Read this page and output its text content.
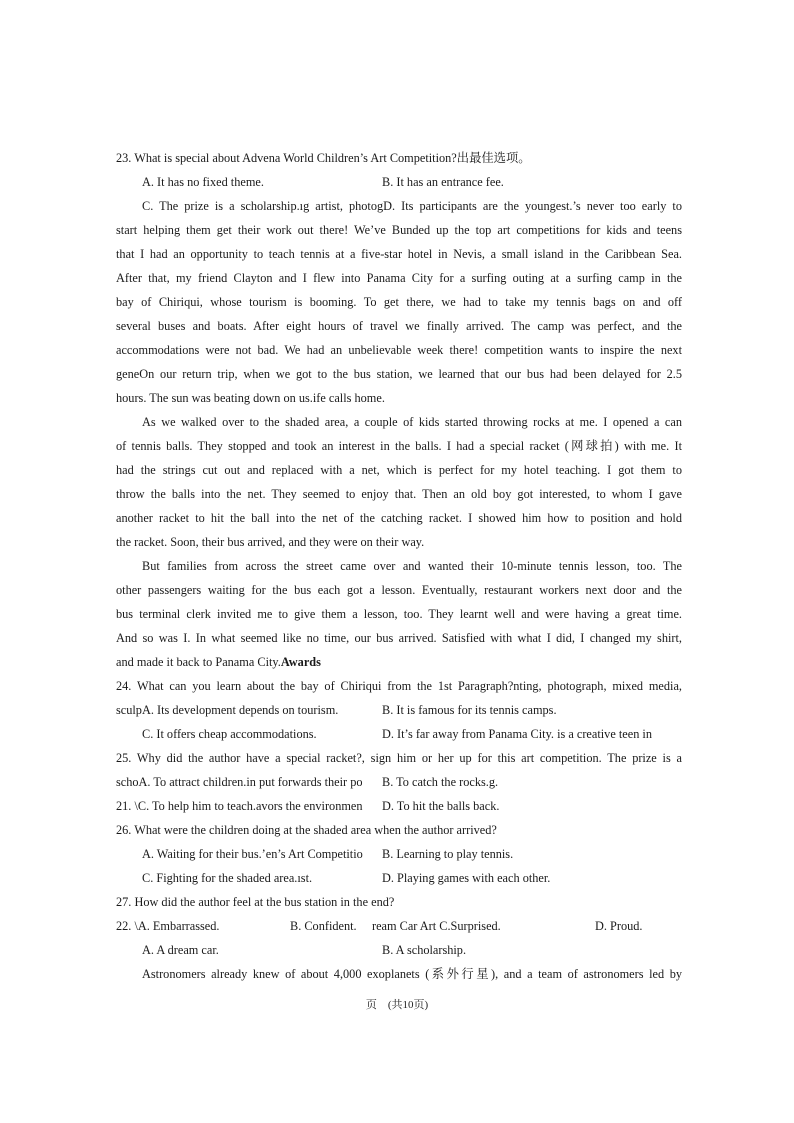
23. What is special about Advena World Children’s Art Competition?出最佳选项。
A. It has no fixed theme.	B. It has an entrance fee.
C. The prize is a scholarship.ıg artist, photogD. Its participants are the youngest.’s never too early to
start helping them get their work out there! We’ve Bunded up the top art competitions for kids and teens
that I had an opportunity to teach tennis at a five-star hotel in Nevis, a small island in the Caribbean Sea.
After that, my friend Clayton and I flew into Panama City for a surfing outing at a surfing camp in the
bay of Chiriqui, whose tourism is booming. To get there, we had to take my tennis bags on and off
several buses and boats. After eight hours of travel we finally arrived. The camp was perfect, and the
accommodations were not bad. We had an unbelievable week there! competition wants to inspire the next
geneOn our return trip, when we got to the bus station, we learned that our bus had been delayed for 2.5
hours. The sun was beating down on us.ife calls home.
As we walked over to the shaded area, a couple of kids started throwing rocks at me. I opened a can
of tennis balls. They stopped and took an interest in the balls. I had a special racket (网球拍) with me. It
had the strings cut out and replaced with a net, which is perfect for my hotel teaching. I got them to
throw the balls into the net. They seemed to enjoy that. Then an old boy got interested, to whom I gave
another racket to hit the ball into the net of the catching racket. I showed him how to position and hold
the racket. Soon, their bus arrived, and they were on their way.
But families from across the street came over and wanted their 10-minute tennis lesson, too. The
other passengers waiting for the bus each got a lesson. Eventually, restaurant workers next door and the
bus terminal clerk invited me to give them a lesson, too. They learnt well and were having a great time.
And so was I. In what seemed like no time, our bus arrived. Satisfied with what I did, I changed my shirt,
and made it back to Panama City.Awards
24. What can you learn about the bay of Chiriqui from the 1st Paragraph?nting, photograph, mixed media,
sculpA. Its development depends on tourism.	B. It is famous for its tennis camps.
C. It offers cheap accommodations.	D. It’s far away from Panama City. is a creative teen in
25. Why did the author have a special racket?, sign him or her up for this art competition. The prize is a
schoA. To attract children.in put forwards their po B. To catch the rocks.g.
21. \C. To help him to teach.avors the environmen D. To hit the balls back.
26. What were the children doing at the shaded area when the author arrived?
A. Waiting for their bus.’en’s Art Competitio B. Learning to play tennis.
C. Fighting for the shaded area.ıst.	D. Playing games with each other.
27. How did the author feel at the bus station in the end?
22. \A. Embarrassed.	B. Confident. ream Car Art C.Surprised.	D. Proud.
A. A dream car.	B. A scholarship.
Astronomers already knew of about 4,000 exoplanets (系外行星), and a team of astronomers led by
页　(共10页)
